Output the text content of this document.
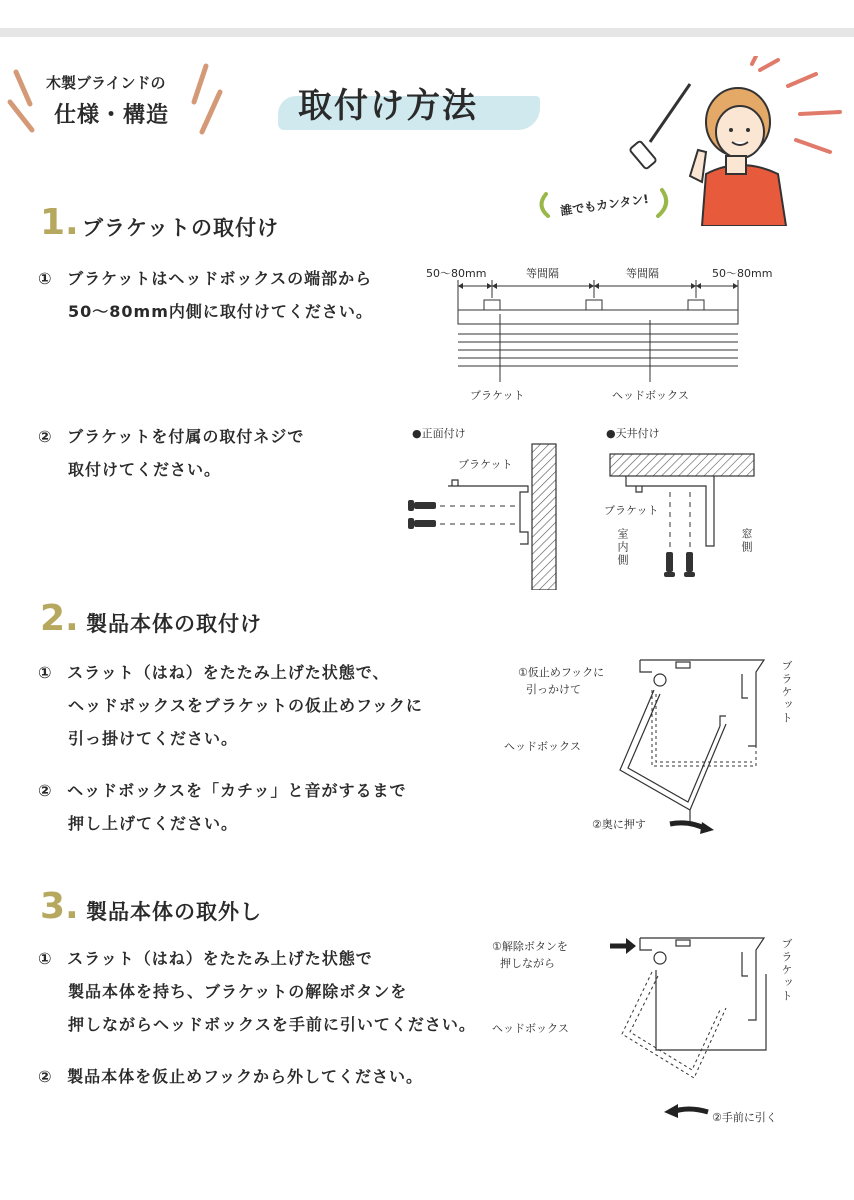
木製ブラインドの
仕様・構造	取付け方法
誰でもカンタン!
1. ブラケットの取付け
① ブラケットはヘッドボックスの端部から
50〜80mm内側に取付けてください。
② ブラケットを付属の取付ネジで
取付けてください。
50〜80mm	等間隔	等間隔	50〜80mm
ブラケット	ヘッドボックス
●正面付け	●天井付け
ブラケット
ブラケット
室内側	窓側
2. 製品本体の取付け
① スラット（はね）をたたみ上げた状態で、
ヘッドボックスをブラケットの仮止めフックに
引っ掛けてください。
② ヘッドボックスを「カチッ」と音がするまで
押し上げてください。
①仮止めフックに
引っかけて
ヘッドボックス
②奥に押す
ブラケット
3. 製品本体の取外し
① スラット（はね）をたたみ上げた状態で
製品本体を持ち、ブラケットの解除ボタンを
押しながらヘッドボックスを手前に引いてください。
② 製品本体を仮止めフックから外してください。
①解除ボタンを
押しながら
ヘッドボックス
②手前に引く
ブラケット
